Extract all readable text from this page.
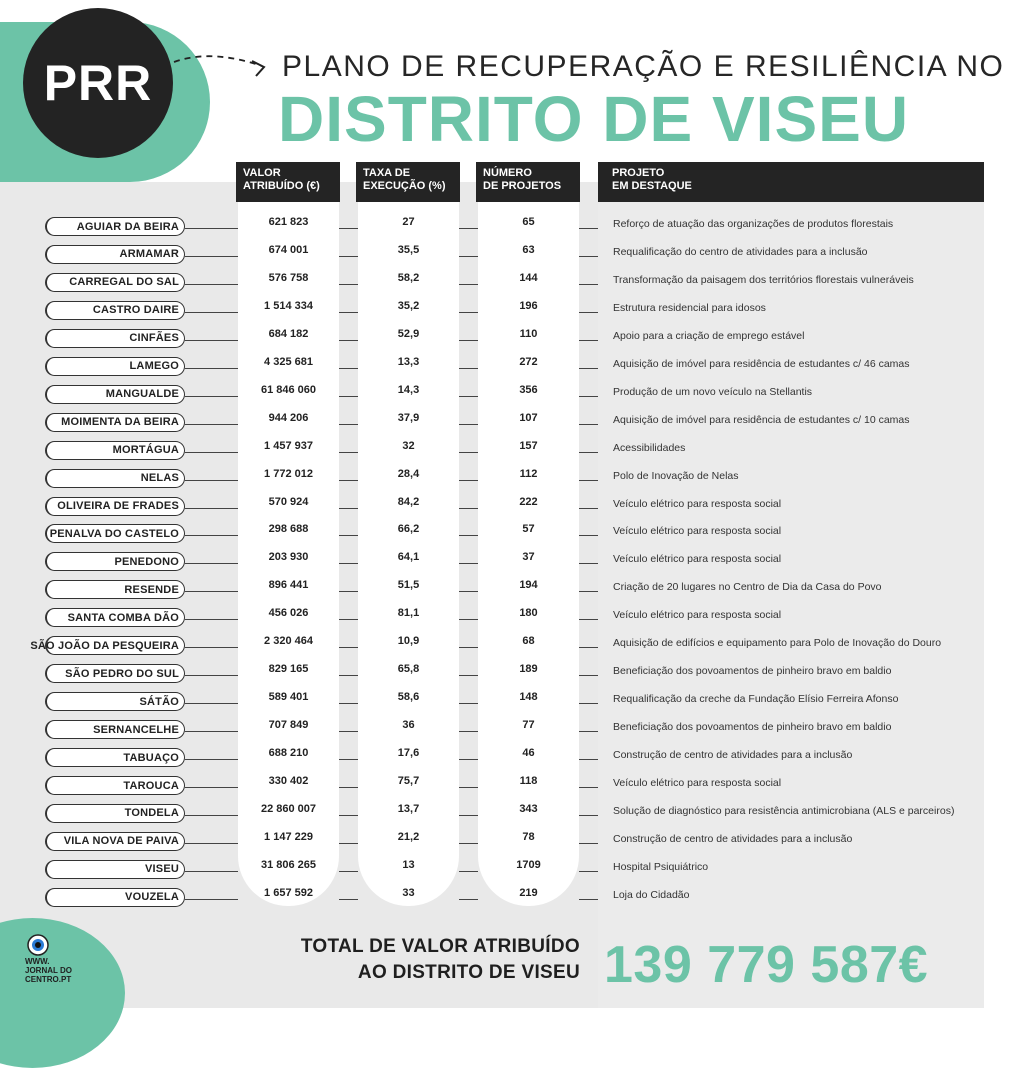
PRR	PLANO DE RECUPERAÇÃO E RESILIÊNCIA NO
DISTRITO DE VISEU
VALOR
ATRIBUÍDO (€)
TAXA DE
EXECUÇÃO (%)
NÚMERO
DE PROJETOS
PROJETO
EM DESTAQUE
AGUIAR DA BEIRA	621 823	27	65	Reforço de atuação das organizações de produtos florestais
ARMAMAR	674 001	35,5	63	Requalificação do centro de atividades para a inclusão
CARREGAL DO SAL	576 758	58,2	144	Transformação da paisagem dos territórios florestais vulneráveis
CASTRO DAIRE	1 514 334	35,2	196	Estrutura residencial para idosos
CINFÃES	684 182	52,9	110	Apoio para a criação de emprego estável
LAMEGO	4 325 681	13,3	272	Aquisição de imóvel para residência de estudantes c/ 46 camas
MANGUALDE	61 846 060	14,3	356	Produção de um novo veículo na Stellantis
MOIMENTA DA BEIRA	944 206	37,9	107	Aquisição de imóvel para residência de estudantes c/ 10 camas
MORTÁGUA	1 457 937	32	157	Acessibilidades
NELAS	1 772 012	28,4	112	Polo de Inovação de Nelas
OLIVEIRA DE FRADES	570 924	84,2	222	Veículo elétrico para resposta social
PENALVA DO CASTELO	298 688	66,2	57	Veículo elétrico para resposta social
PENEDONO	203 930	64,1	37	Veículo elétrico para resposta social
RESENDE	896 441	51,5	194	Criação de 20 lugares no Centro de Dia da Casa do Povo
SANTA COMBA DÃO	456 026	81,1	180	Veículo elétrico para resposta social
SÃO JOÃO DA PESQUEIRA	2 320 464	10,9	68	Aquisição de edifícios e equipamento para Polo de Inovação do Douro
SÃO PEDRO DO SUL	829 165	65,8	189	Beneficiação dos povoamentos de pinheiro bravo em baldio
SÁTÃO	589 401	58,6	148	Requalificação da creche da Fundação Elísio Ferreira Afonso
SERNANCELHE	707 849	36	77	Beneficiação dos povoamentos de pinheiro bravo em baldio
TABUAÇO	688 210	17,6	46	Construção de centro de atividades para a inclusão
TAROUCA	330 402	75,7	118	Veículo elétrico para resposta social
TONDELA	22 860 007	13,7	343	Solução de diagnóstico para resistência antimicrobiana (ALS e parceiros)
VILA NOVA DE PAIVA	1 147 229	21,2	78	Construção de centro de atividades para a inclusão
VISEU	31 806 265	13	1709	Hospital Psiquiátrico
VOUZELA	1 657 592	33	219	Loja do Cidadão
TOTAL DE VALOR ATRIBUÍDO
AO DISTRITO DE VISEU 139 779 587€
WWW.
JORNAL DO
CENTRO.PT
